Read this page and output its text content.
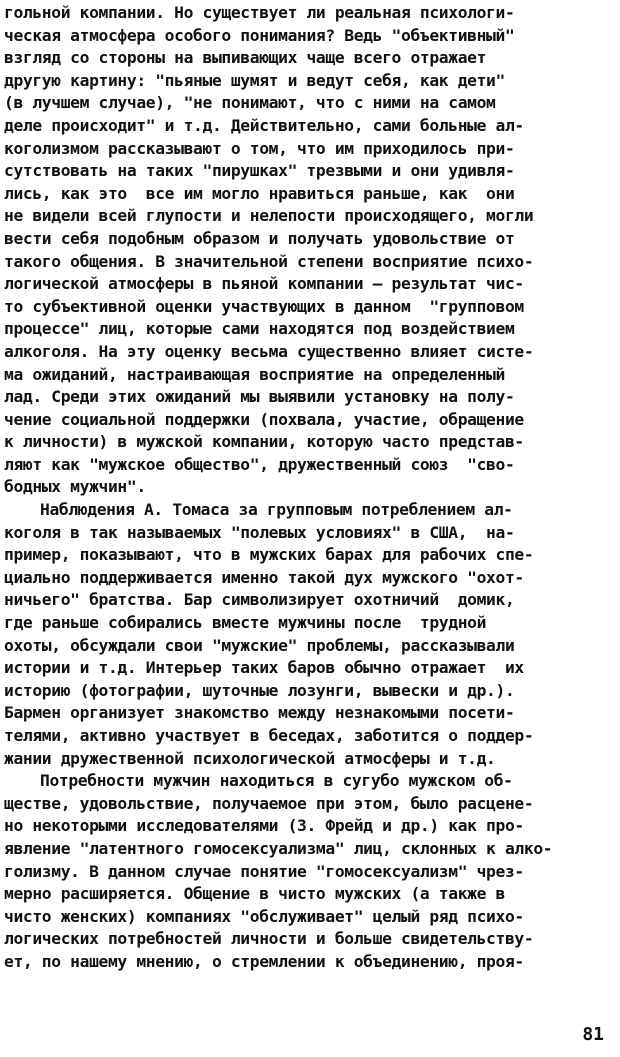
гольной компании. Но существует ли реальная психологи-
ческая атмосфера особого понимания? Ведь "объективный"
взгляд со стороны на выпивающих чаще всего отражает
другую картину: "пьяные шумят и ведут себя, как дети"
(в лучшем случае), "не понимают, что с ними на самом
деле происходит" и т.д. Действительно, сами больные ал-
коголизмом рассказывают о том, что им приходилось при-
сутствовать на таких "пирушках" трезвыми и они удивля-
лись, как это  все им могло нравиться раньше, как  они
не видели всей глупости и нелепости происходящего, могли
вести себя подобным образом и получать удовольствие от
такого общения. В значительной степени восприятие психо-
логической атмосферы в пьяной компании – результат чис-
то субъективной оценки участвующих в данном  "групповом
процессе" лиц, которые сами находятся под воздействием
алкоголя. На эту оценку весьма существенно влияет систе-
ма ожиданий, настраивающая восприятие на определенный
лад. Среди этих ожиданий мы выявили установку на полу-
чение социальной поддержки (похвала, участие, обращение
к личности) в мужской компании, которую часто представ-
ляют как "мужское общество", дружественный союз  "сво-
бодных мужчин".
Наблюдения А. Томаса за групповым потреблением ал-
коголя в так называемых "полевых условиях" в США,  на-
пример, показывают, что в мужских барах для рабочих спе-
циально поддерживается именно такой дух мужского "охот-
ничьего" братства. Бар символизирует охотничий  домик,
где раньше собирались вместе мужчины после  трудной
охоты, обсуждали свои "мужские" проблемы, рассказывали
истории и т.д. Интерьер таких баров обычно отражает  их
историю (фотографии, шуточные лозунги, вывески и др.).
Бармен организует знакомство между незнакомыми посети-
телями, активно участвует в беседах, заботится о поддер-
жании дружественной психологической атмосферы и т.д.
Потребности мужчин находиться в сугубо мужском об-
ществе, удовольствие, получаемое при этом, было расцене-
но некоторыми исследователями (З. Фрейд и др.) как про-
явление "латентного гомосексуализма" лиц, склонных к алко-
голизму. В данном случае понятие "гомосексуализм" чрез-
мерно расширяется. Общение в чисто мужских (а также в
чисто женских) компаниях "обслуживает" целый ряд психо-
логических потребностей личности и больше свидетельству-
ет, по нашему мнению, о стремлении к объединению, проя-
81
